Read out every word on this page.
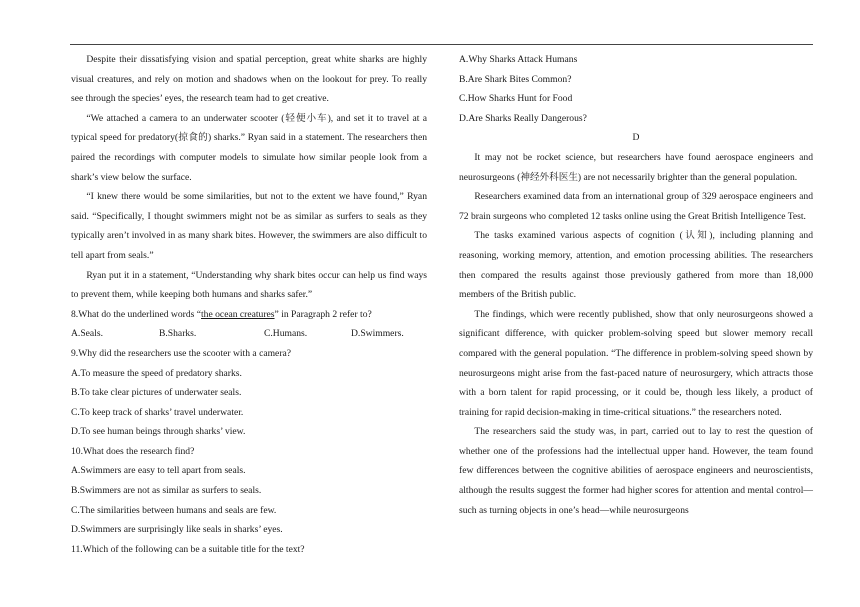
Despite their dissatisfying vision and spatial perception, great white sharks are highly visual creatures, and rely on motion and shadows when on the lookout for prey. To really see through the species’ eyes, the research team had to get creative.

“We attached a camera to an underwater scooter (轻便小车), and set it to travel at a typical speed for predatory(掠食的) sharks.” Ryan said in a statement. The researchers then paired the recordings with computer models to simulate how similar people look from a shark’s view below the surface.

“I knew there would be some similarities, but not to the extent we have found,” Ryan said. “Specifically, I thought swimmers might not be as similar as surfers to seals as they typically aren’t involved in as many shark bites. However, the swimmers are also difficult to tell apart from seals.”

Ryan put it in a statement, “Understanding why shark bites occur can help us find ways to prevent them, while keeping both humans and sharks safer.”

8.What do the underlined words “the ocean creatures” in Paragraph 2 refer to?

A.Seals.	B.Sharks.	C.Humans.	D.Swimmers.

9.Why did the researchers use the scooter with a camera?

A.To measure the speed of predatory sharks.

B.To take clear pictures of underwater seals.

C.To keep track of sharks’ travel underwater.

D.To see human beings through sharks’ view.

10.What does the research find?

A.Swimmers are easy to tell apart from seals.

B.Swimmers are not as similar as surfers to seals.

C.The similarities between humans and seals are few.

D.Swimmers are surprisingly like seals in sharks’ eyes.

11.Which of the following can be a suitable title for the text?

A.Why Sharks Attack Humans

B.Are Shark Bites Common?

C.How Sharks Hunt for Food

D.Are Sharks Really Dangerous?

D

It may not be rocket science, but researchers have found aerospace engineers and neurosurgeons (神经外科医生) are not necessarily brighter than the general population.

Researchers examined data from an international group of 329 aerospace engineers and 72 brain surgeons who completed 12 tasks online using the Great British Intelligence Test.

The tasks examined various aspects of cognition (认知), including planning and reasoning, working memory, attention, and emotion processing abilities. The researchers then compared the results against those previously gathered from more than 18,000 members of the British public.

The findings, which were recently published, show that only neurosurgeons showed a significant difference, with quicker problem-solving speed but slower memory recall compared with the general population. “The difference in problem-solving speed shown by neurosurgeons might arise from the fast-paced nature of neurosurgery, which attracts those with a born talent for rapid processing, or it could be, though less likely, a product of training for rapid decision-making in time-critical situations.” the researchers noted.

The researchers said the study was, in part, carried out to lay to rest the question of whether one of the professions had the intellectual upper hand. However, the team found few differences between the cognitive abilities of aerospace engineers and neuroscientists, although the results suggest the former had higher scores for attention and mental control—such as turning objects in one’s head—while neurosurgeons
